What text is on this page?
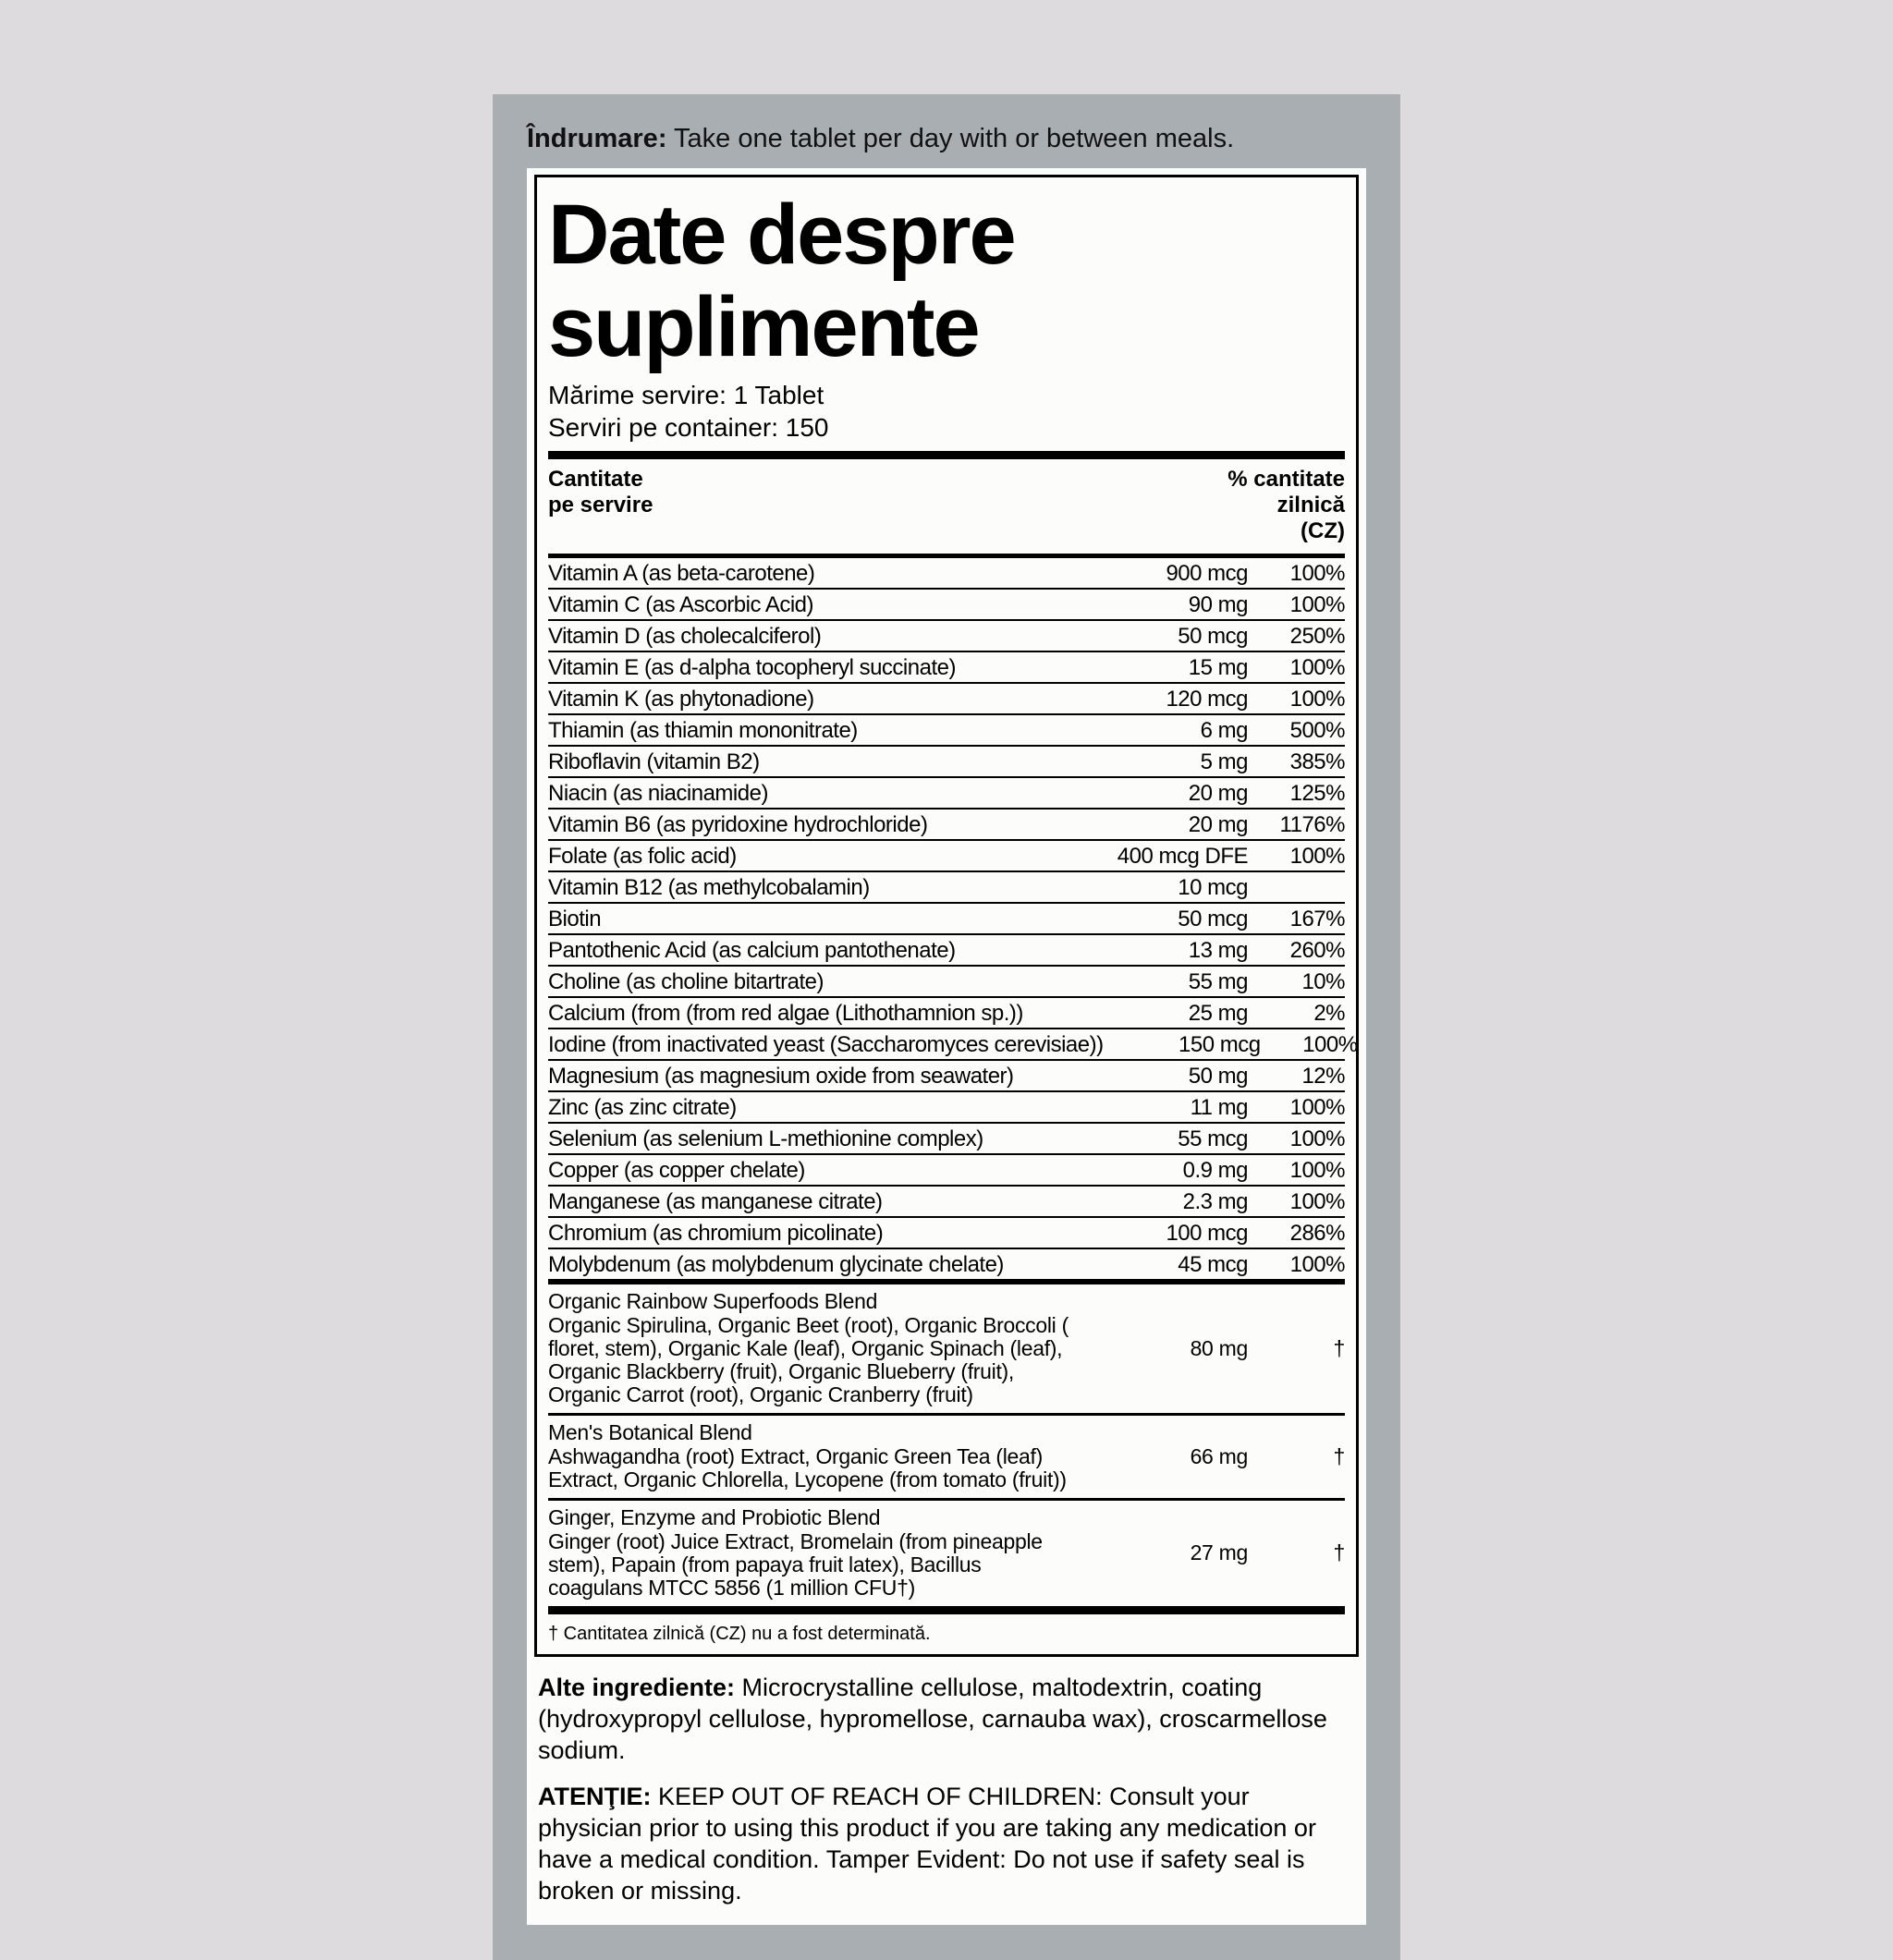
Îndrumare: Take one tablet per day with or between meals.

Date despre
suplimente
Mărime servire: 1 Tablet
Serviri pe container: 150
Cantitate
pe servire
% cantitate
zilnică
(CZ)
Vitamin A (as beta-carotene)	900 mcg	100%
Vitamin C (as Ascorbic Acid)	90 mg	100%
Vitamin D (as cholecalciferol)	50 mcg	250%
Vitamin E (as d-alpha tocopheryl succinate)	15 mg	100%
Vitamin K (as phytonadione)	120 mcg	100%
Thiamin (as thiamin mononitrate)	6 mg	500%
Riboflavin (vitamin B2)	5 mg	385%
Niacin (as niacinamide)	20 mg	125%
Vitamin B6 (as pyridoxine hydrochloride)	20 mg	1176%
Folate (as folic acid)	400 mcg DFE	100%
Vitamin B12 (as methylcobalamin)	10 mcg
Biotin	50 mcg	167%
Pantothenic Acid (as calcium pantothenate)	13 mg	260%
Choline (as choline bitartrate)	55 mg	10%
Calcium (from (from red algae (Lithothamnion sp.))	25 mg	2%
Iodine (from inactivated yeast (Saccharomyces cerevisiae))	150 mcg	100%
Magnesium (as magnesium oxide from seawater)	50 mg	12%
Zinc (as zinc citrate)	11 mg	100%
Selenium (as selenium L-methionine complex)	55 mcg	100%
Copper (as copper chelate)	0.9 mg	100%
Manganese (as manganese citrate)	2.3 mg	100%
Chromium (as chromium picolinate)	100 mcg	286%
Molybdenum (as molybdenum glycinate chelate)	45 mcg	100%
Organic Rainbow Superfoods Blend
Organic Spirulina, Organic Beet (root), Organic Broccoli ( floret, stem), Organic Kale (leaf), Organic Spinach (leaf), Organic Blackberry (fruit), Organic Blueberry (fruit), Organic Carrot (root), Organic Cranberry (fruit)
80 mg	†
Men's Botanical Blend
Ashwagandha (root) Extract, Organic Green Tea (leaf) Extract, Organic Chlorella, Lycopene (from tomato (fruit))
66 mg	†
Ginger, Enzyme and Probiotic Blend
Ginger (root) Juice Extract, Bromelain (from pineapple stem), Papain (from papaya fruit latex), Bacillus coagulans MTCC 5856 (1 million CFU†)
27 mg	†
† Cantitatea zilnică (CZ) nu a fost determinată.

Alte ingrediente: Microcrystalline cellulose, maltodextrin, coating (hydroxypropyl cellulose, hypromellose, carnauba wax), croscarmellose sodium.

ATENŢIE: KEEP OUT OF REACH OF CHILDREN: Consult your physician prior to using this product if you are taking any medication or have a medical condition. Tamper Evident: Do not use if safety seal is broken or missing.
